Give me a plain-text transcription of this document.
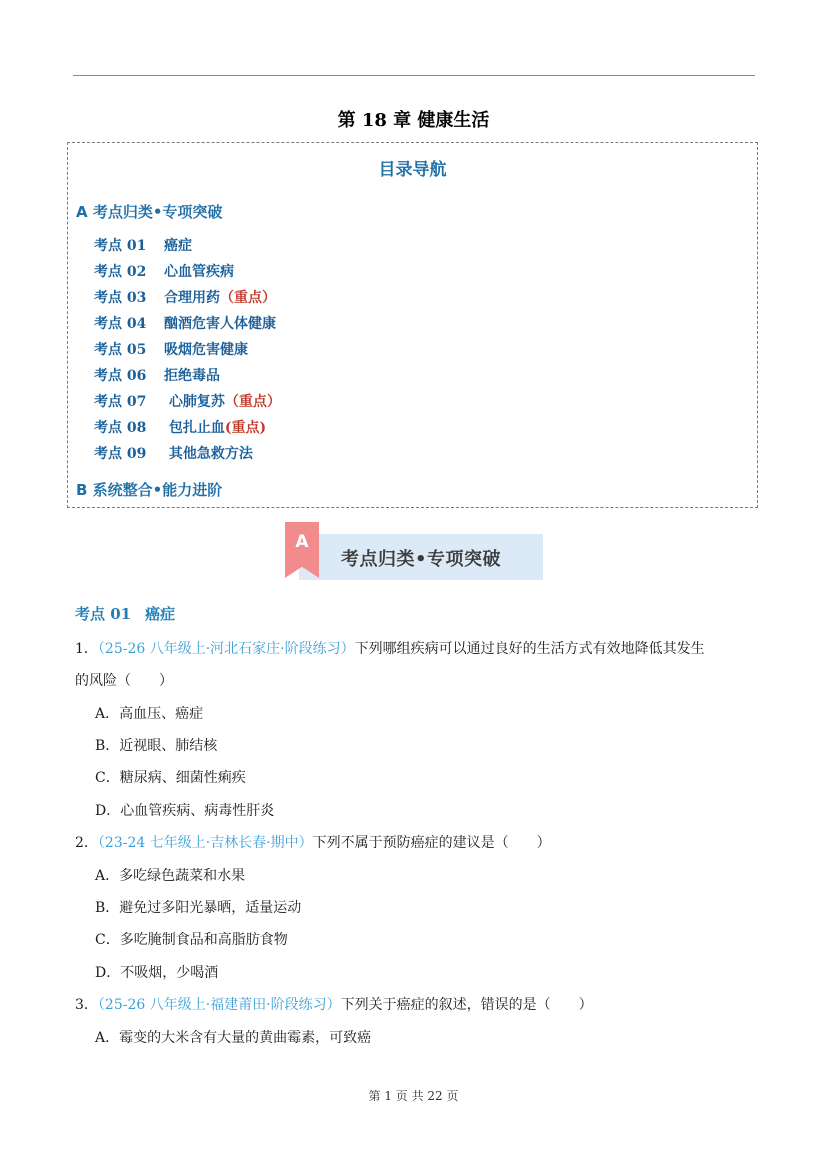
第 18 章 健康生活
目录导航
A 考点归类•专项突破
考点 01 癌症
考点 02 心血管疾病
考点 03 合理用药（重点）
考点 04 酗酒危害人体健康
考点 05 吸烟危害健康
考点 06 拒绝毒品
考点 07 心肺复苏（重点）
考点 08 包扎止血(重点)
考点 09 其他急救方法
B 系统整合•能力进阶
A
考点归类•专项突破
考点 01 癌症
1．（25-26 八年级上·河北石家庄·阶段练习）下列哪组疾病可以通过良好的生活方式有效地降低其发生
的风险（　　）
A．高血压、癌症
B．近视眼、肺结核
C．糖尿病、细菌性痢疾
D．心血管疾病、病毒性肝炎
2．（23-24 七年级上·吉林长春·期中）下列不属于预防癌症的建议是（　　）
A．多吃绿色蔬菜和水果
B．避免过多阳光暴晒，适量运动
C．多吃腌制食品和高脂肪食物
D．不吸烟，少喝酒
3．（25-26 八年级上·福建莆田·阶段练习）下列关于癌症的叙述，错误的是（　　）
A．霉变的大米含有大量的黄曲霉素，可致癌
第 1 页 共 22 页
